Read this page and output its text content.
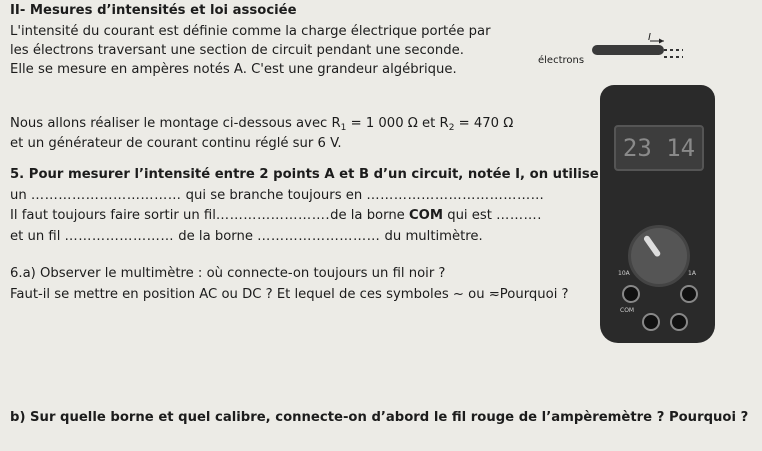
II- Mesures d’intensités et loi associée
L'intensité du courant est définie comme la charge électrique portée par
les électrons traversant une section de circuit pendant une seconde.
Elle se mesure en ampères notés A. C'est une grandeur algébrique.
I
électrons
Nous allons réaliser le montage ci-dessous avec $R_1 = 1$ 000 Ω et $R_2 = 470$ Ω
et un générateur de courant continu réglé sur 6 V.
5. Pour mesurer l’intensité entre 2 points A et B d’un circuit, notée I, on utilise
un …………………………… qui se branche toujours en …………………………………
Il faut toujours faire sortir un fil…………………….de la borne COM qui est ……….
et un fil …………………… de la borne ……………………… du multimètre.
6.a) Observer le multimètre : où connecte-on toujours un fil noir ?
Faut-il se mettre en position AC ou DC ? Et lequel de ces symboles ~ ou ≂Pourquoi ?
23 14
10A	1A
COM
b) Sur quelle borne et quel calibre, connecte-on d’abord le fil rouge de l’ampèremètre ? Pourquoi ?
